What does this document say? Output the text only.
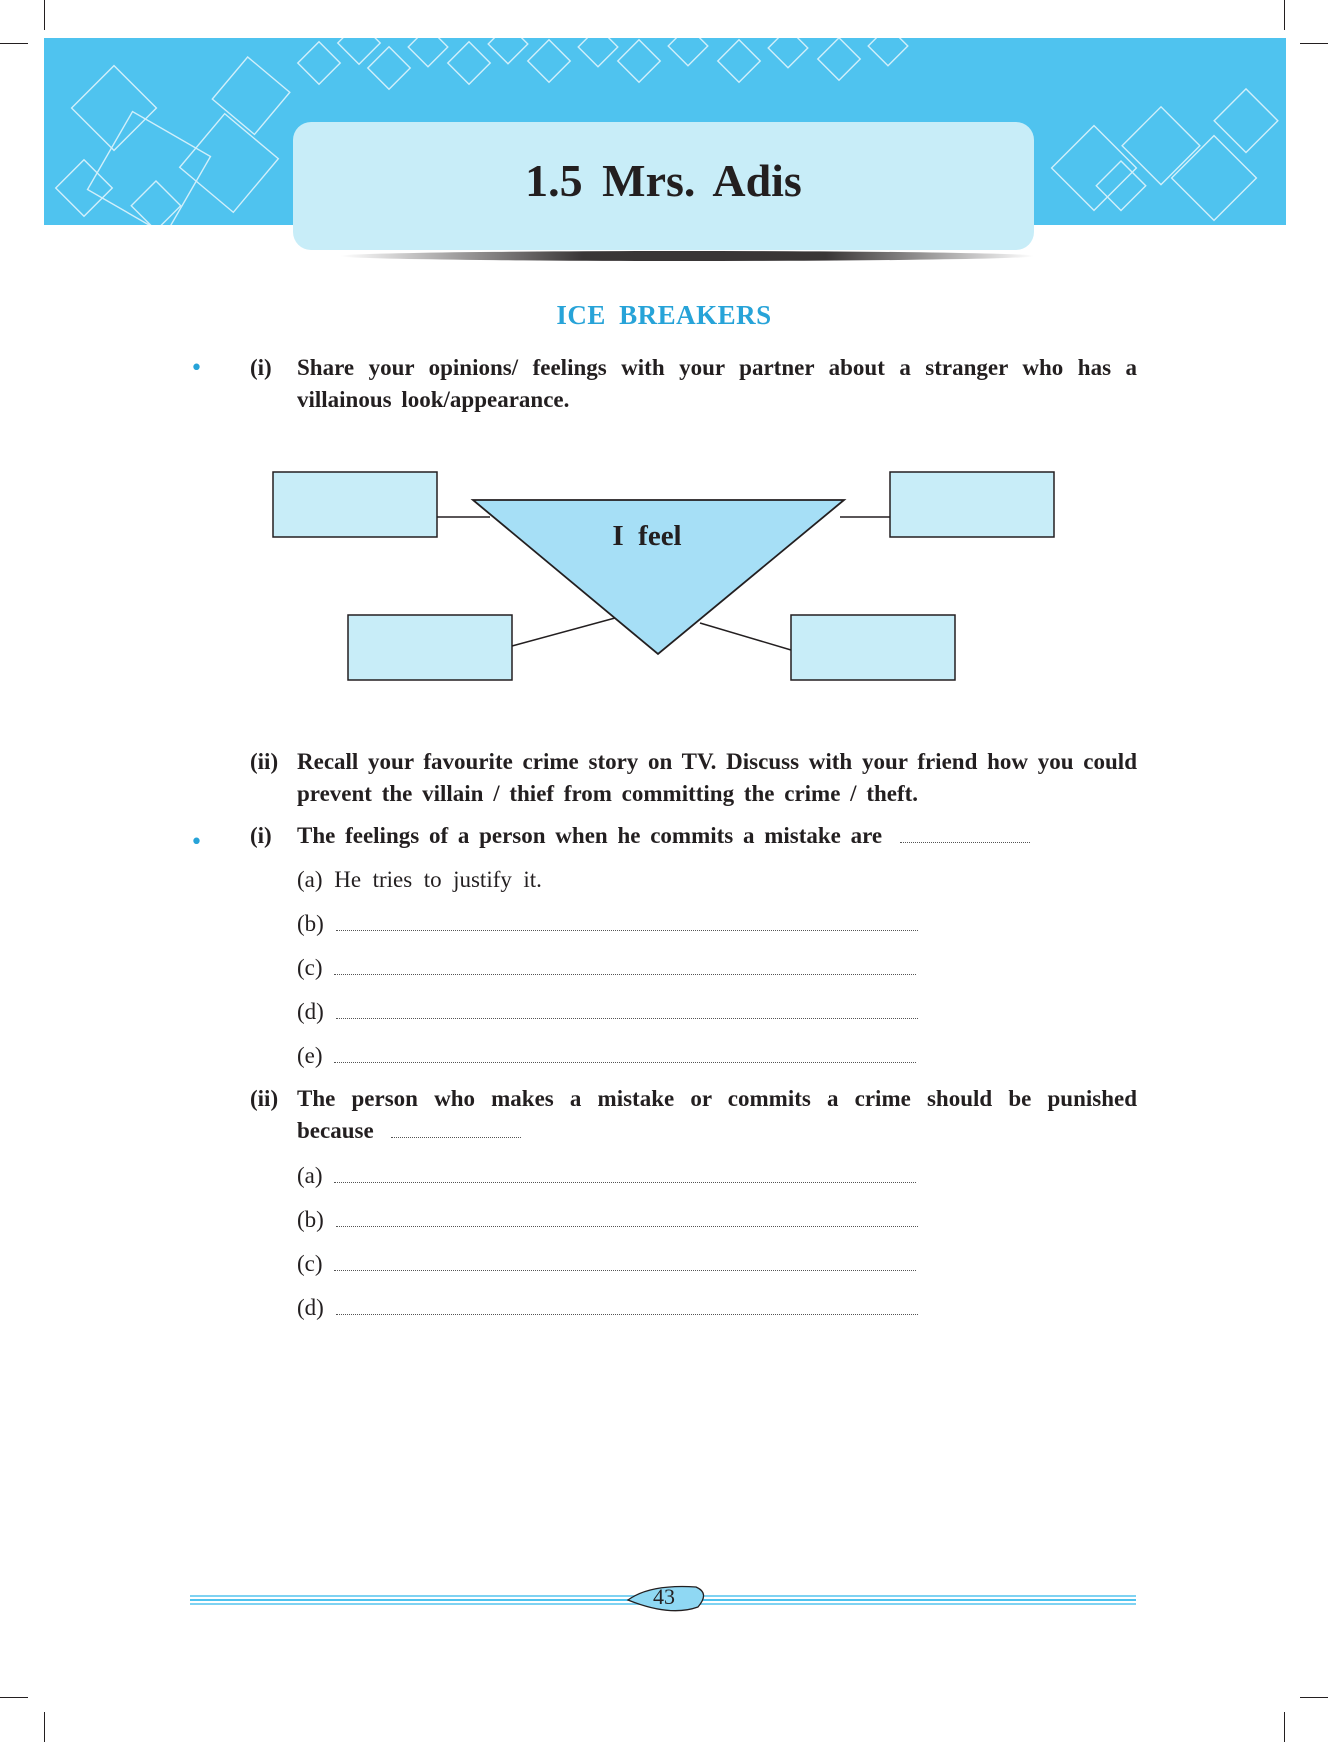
1.5 Mrs. Adis
ICE BREAKERS
• (i) Share your opinions/ feelings with your partner about a stranger who has a villainous look/appearance.
I  feel
(ii) Recall your favourite crime story on TV. Discuss with your friend how you could prevent the villain / thief from committing the crime / theft.
• (i) The feelings of a person when he commits a mistake are
(a) He  tries  to  justify  it.
(b)
(c)
(d)
(e)
(ii) The person who makes a mistake or commits a crime should be punished
because
(a)
(b)
(c)
(d)
43
